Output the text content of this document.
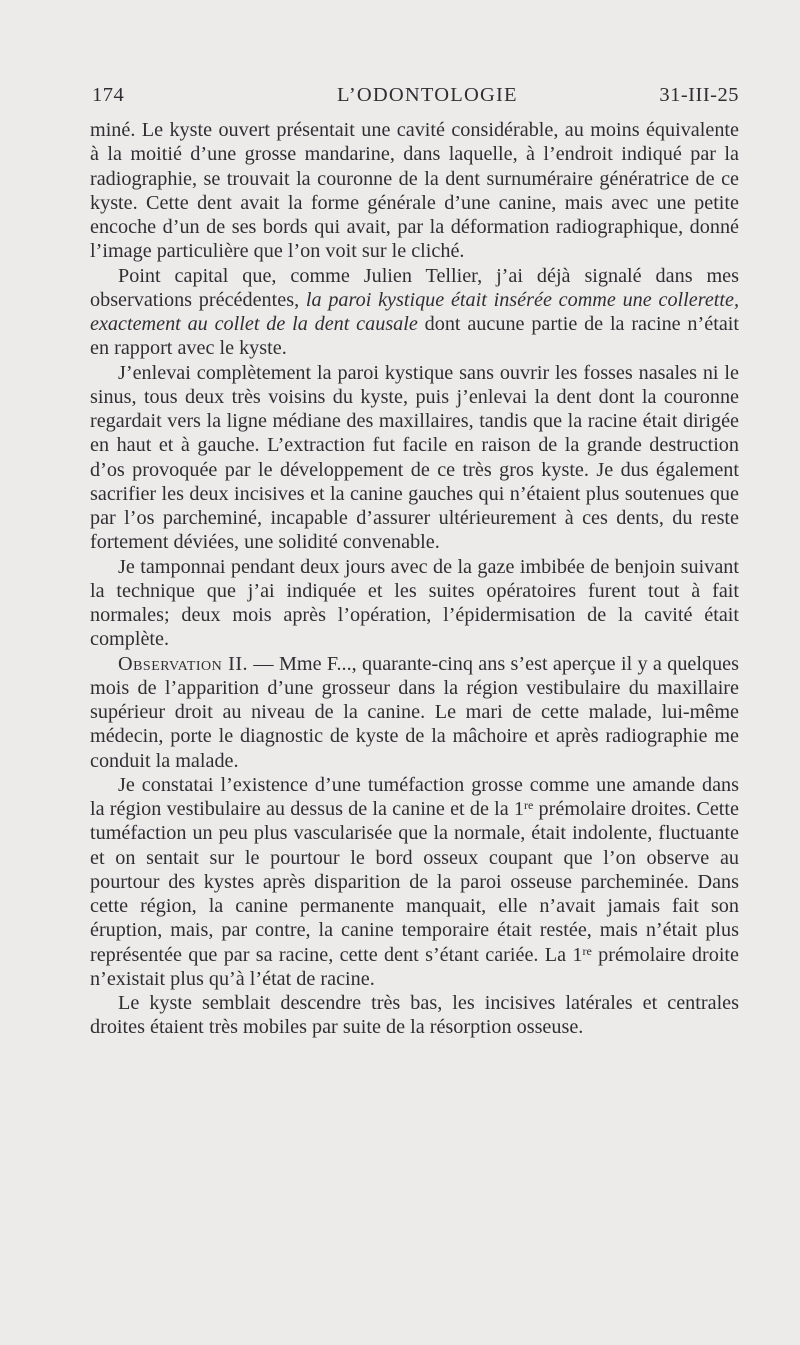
174	L’ODONTOLOGIE	31-III-25

miné. Le kyste ouvert présentait une cavité considérable, au moins équivalente à la moitié d’une grosse mandarine, dans laquelle, à l’endroit indiqué par la radiographie, se trouvait la couronne de la dent surnuméraire génératrice de ce kyste. Cette dent avait la forme générale d’une canine, mais avec une petite encoche d’un de ses bords qui avait, par la déformation radiographique, donné l’image particulière que l’on voit sur le cliché.

Point capital que, comme Julien Tellier, j’ai déjà signalé dans mes observations précédentes, la paroi kystique était insérée comme une collerette, exactement au collet de la dent causale dont aucune partie de la racine n’était en rapport avec le kyste.

J’enlevai complètement la paroi kystique sans ouvrir les fosses nasales ni le sinus, tous deux très voisins du kyste, puis j’enlevai la dent dont la couronne regardait vers la ligne médiane des maxillaires, tandis que la racine était dirigée en haut et à gauche. L’extraction fut facile en raison de la grande destruction d’os provoquée par le développement de ce très gros kyste. Je dus également sacrifier les deux incisives et la canine gauches qui n’étaient plus soutenues que par l’os parcheminé, incapable d’assurer ultérieurement à ces dents, du reste fortement déviées, une solidité convenable.

Je tamponnai pendant deux jours avec de la gaze imbibée de benjoin suivant la technique que j’ai indiquée et les suites opératoires furent tout à fait normales; deux mois après l’opération, l’épidermisation de la cavité était complète.

Observation II. — Mme F..., quarante-cinq ans s’est aperçue il y a quelques mois de l’apparition d’une grosseur dans la région vestibulaire du maxillaire supérieur droit au niveau de la canine. Le mari de cette malade, lui-même médecin, porte le diagnostic de kyste de la mâchoire et après radiographie me conduit la malade.

Je constatai l’existence d’une tuméfaction grosse comme une amande dans la région vestibulaire au dessus de la canine et de la 1re prémolaire droites. Cette tuméfaction un peu plus vascularisée que la normale, était indolente, fluctuante et on sentait sur le pourtour le bord osseux coupant que l’on observe au pourtour des kystes après disparition de la paroi osseuse parcheminée. Dans cette région, la canine permanente manquait, elle n’avait jamais fait son éruption, mais, par contre, la canine temporaire était restée, mais n’était plus représentée que par sa racine, cette dent s’étant cariée. La 1re prémolaire droite n’existait plus qu’à l’état de racine.

Le kyste semblait descendre très bas, les incisives latérales et centrales droites étaient très mobiles par suite de la résorption osseuse.
